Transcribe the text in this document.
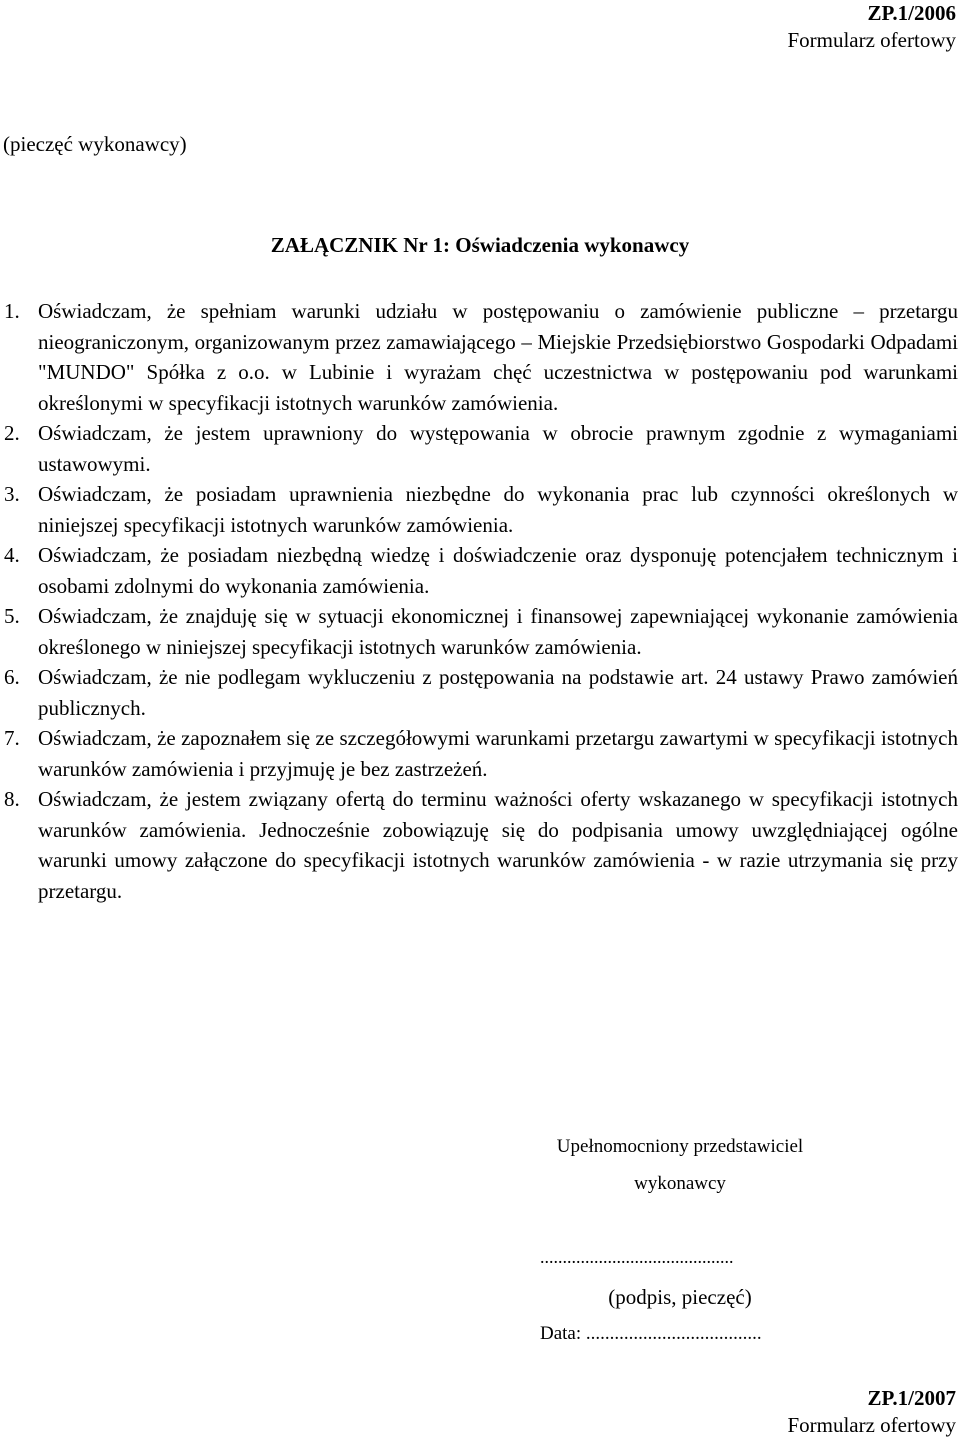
ZP.1/2006
Formularz ofertowy
(pieczęć wykonawcy)
ZAŁĄCZNIK Nr 1: Oświadczenia wykonawcy
1. Oświadczam, że spełniam warunki udziału w postępowaniu o zamówienie publiczne – przetargu nieograniczonym, organizowanym przez zamawiającego – Miejskie Przedsiębiorstwo Gospodarki Odpadami "MUNDO" Spółka z o.o. w Lubinie i wyrażam chęć uczestnictwa w postępowaniu pod warunkami określonymi w specyfikacji istotnych warunków zamówienia.
2. Oświadczam, że jestem uprawniony do występowania w obrocie prawnym zgodnie z wymaganiami ustawowymi.
3. Oświadczam, że posiadam uprawnienia niezbędne do wykonania prac lub czynności określonych w niniejszej specyfikacji istotnych warunków zamówienia.
4. Oświadczam, że posiadam niezbędną wiedzę i doświadczenie oraz dysponuję potencjałem technicznym i osobami zdolnymi do wykonania zamówienia.
5. Oświadczam, że znajduję się w sytuacji ekonomicznej i finansowej zapewniającej wykonanie zamówienia określonego w niniejszej specyfikacji istotnych warunków zamówienia.
6. Oświadczam, że nie podlegam wykluczeniu z postępowania na podstawie art. 24 ustawy Prawo zamówień publicznych.
7. Oświadczam, że zapoznałem się ze szczegółowymi warunkami przetargu zawartymi w specyfikacji istotnych warunków zamówienia i przyjmuję je bez zastrzeżeń.
8. Oświadczam, że jestem związany ofertą do terminu ważności oferty wskazanego w specyfikacji istotnych warunków zamówienia. Jednocześnie zobowiązuję się do podpisania umowy uwzględniającej ogólne warunki umowy załączone do specyfikacji istotnych warunków zamówienia - w razie utrzymania się przy przetargu.
Upełnomocniony przedstawiciel
wykonawcy
...........................................
(podpis, pieczęć)
Data: .....................................
ZP.1/2007
Formularz ofertowy
